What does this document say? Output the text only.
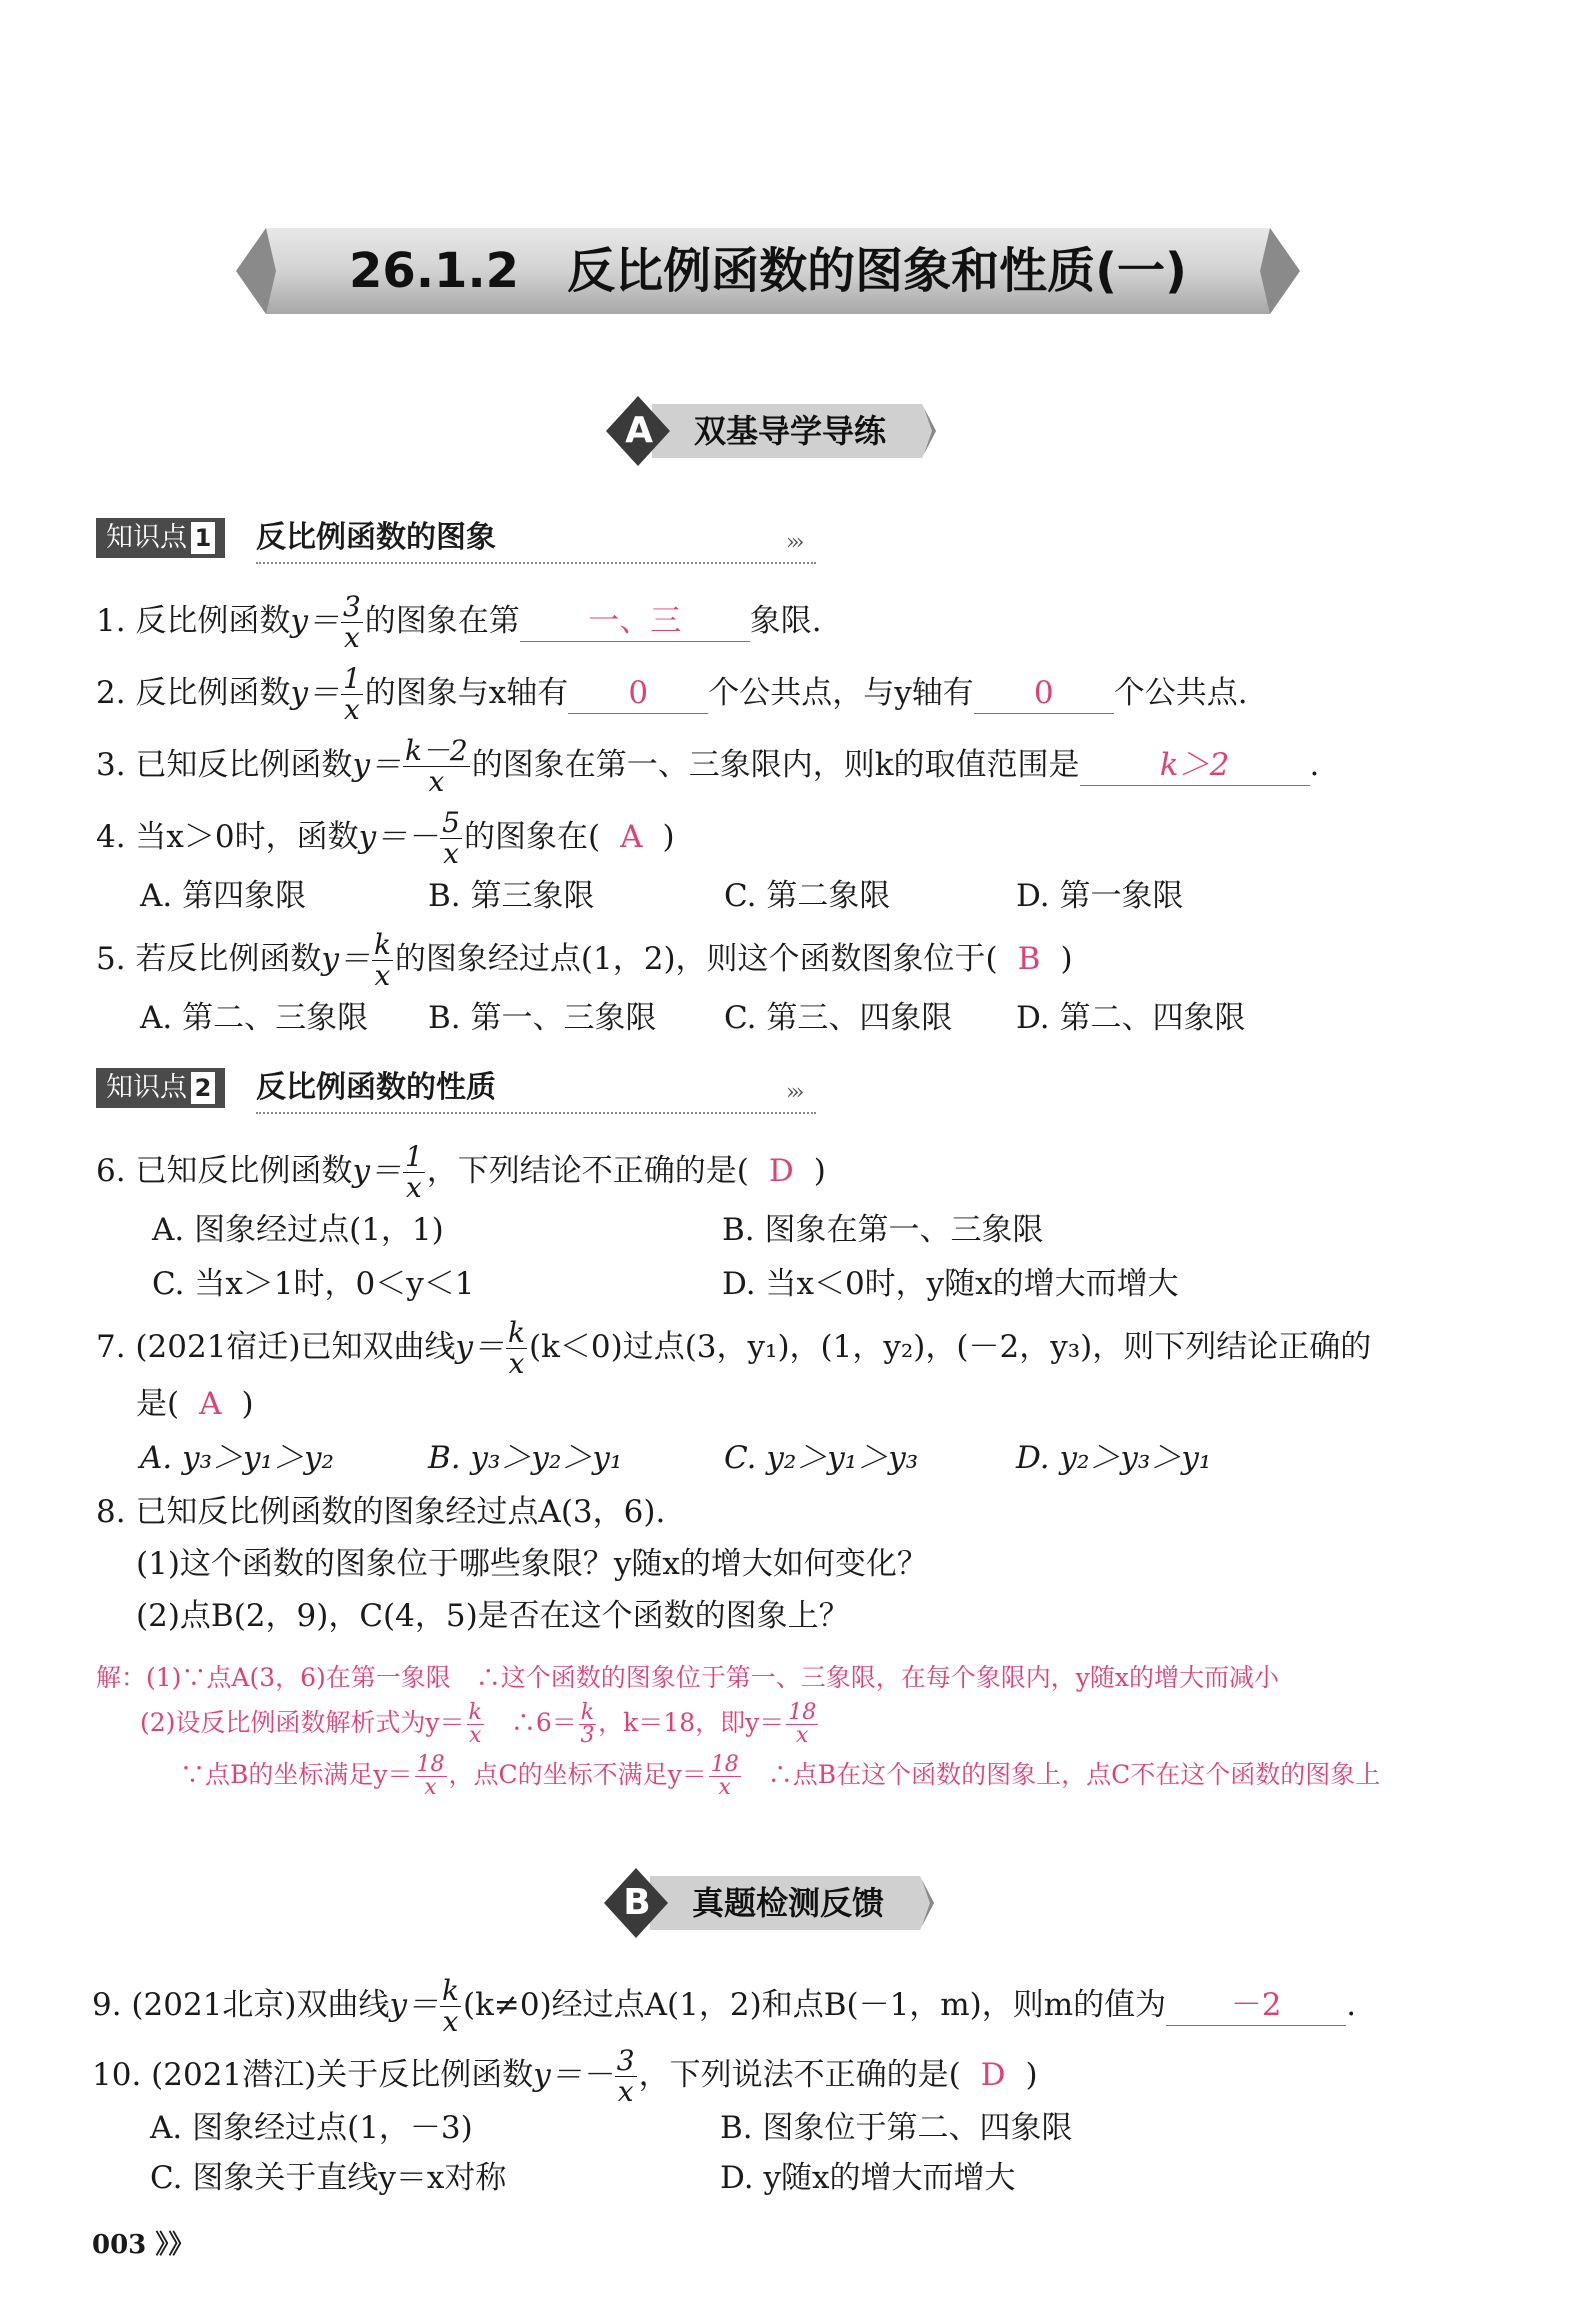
26.1.2　反比例函数的图象和性质(一)
A 双基导学导练
知识点 1	反比例函数的图象	›››
1. 反比例函数$y= \frac{3}{x}$ 的图象在第 一、三 象限.
2. 反比例函数$y= \frac{1}{x}$ 的图象与x轴有 0 个公共点，与y轴有 0 个公共点.
3. 已知反比例函数$y= \frac{k-2}{x}$ 的图象在第一、三象限内，则k的取值范围是	k＞2	.
4. 当x＞0时，函数$y=- \frac{5}{x}$ 的图象在( A )
A. 第四象限	B. 第三象限	C. 第二象限	D. 第一象限
5. 若反比例函数$y= \frac{k}{x}$ 的图象经过点(1，2)，则这个函数图象位于( B )
A. 第二、三象限 B. 第一、三象限 C. 第三、四象限 D. 第二、四象限
知识点 2	反比例函数的性质	›››
6. 已知反比例函数$y= \frac{1}{x}$ ，下列结论不正确的是( D )
A. 图象经过点(1，1)	B. 图象在第一、三象限
C. 当x＞1时，0＜y＜1	D. 当x＜0时，y随x的增大而增大
7. (2021宿迁)已知双曲线$y= \frac{k}{x} (k<0)$过点(3，y₁)，(1，y₂)，(－2，y₃)，则下列结论正确的
是( A )
A. y₃＞y₁＞y₂	B. y₃＞y₂＞y₁	C. y₂＞y₁＞y₃	D. y₂＞y₃＞y₁
8. 已知反比例函数的图象经过点A(3，6).
(1)这个函数的图象位于哪些象限？y随x的增大如何变化？
(2)点B(2，9)，C(4，5)是否在这个函数的图象上？
解：(1)∵点A(3，6)在第一象限　∴这个函数的图象位于第一、三象限，在每个象限内，y随x的增大而减小
(2)设反比例函数解析式为$y= \frac{k}{x}$ 　∴6＝ $\frac{k}{3}$ ，k＝18，即$y= \frac{18}{x}$
∵点B的坐标满足$y= \frac{18}{x}$ ，点C的坐标不满足$y= \frac{18}{x}$ 　∴点B在这个函数的图象上，点C不在这个函数的图象上
B 真题检测反馈
9. (2021北京)双曲线$y= \frac{k}{x} (k\ne 0)$经过点A(1，2)和点B(－1，m)，则m的值为 －2 .
10. (2021潜江)关于反比例函数$y=- \frac{3}{x}$ ，下列说法不正确的是( D )
A. 图象经过点(1，－3)	B. 图象位于第二、四象限
C. 图象关于直线y＝x对称	D. y随x的增大而增大
003 》》
